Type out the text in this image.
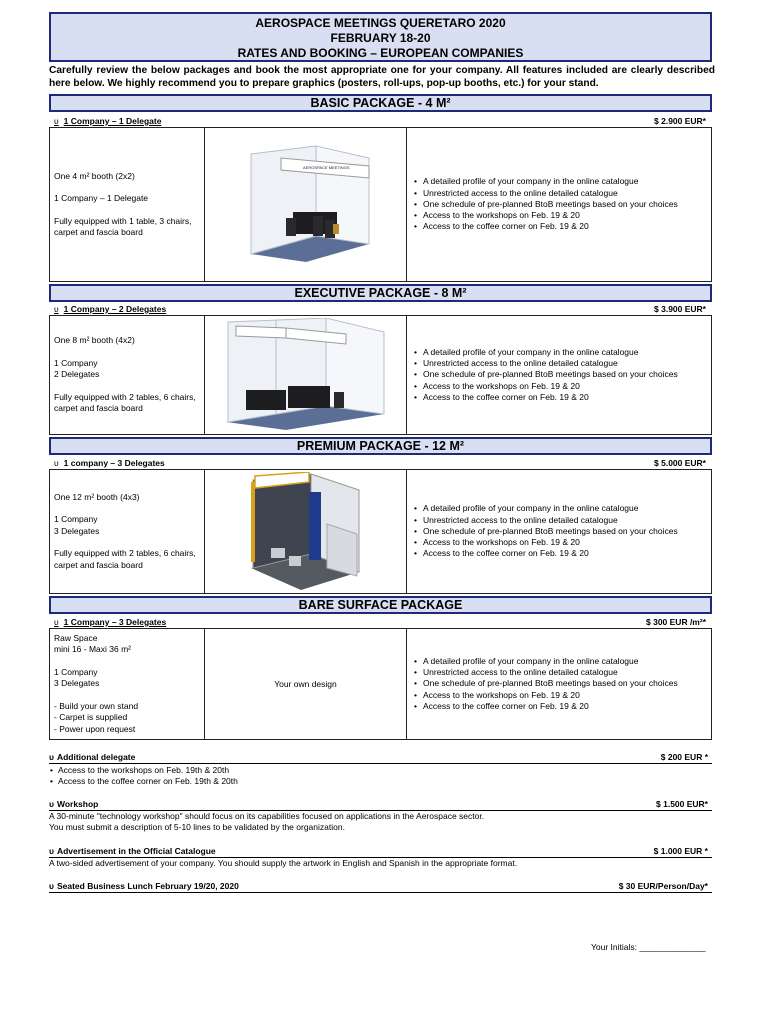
AEROSPACE MEETINGS QUERETARO 2020
FEBRUARY 18-20
RATES AND BOOKING – EUROPEAN COMPANIES
Carefully review the below packages and book the most appropriate one for your company. All features included are clearly described here below. We highly recommend you to prepare graphics (posters, roll-ups, pop-up booths, etc.) for your stand.
BASIC PACKAGE - 4 M²
υ 1 Company – 1 Delegate	$ 2.900 EUR*

One 4 m² booth (2x2)

1 Company – 1 Delegate

Fully equipped with 1 table, 3 chairs, carpet and fascia board

AEROSPACE MEETINGS
• A detailed profile of your company in the online catalogue
• Unrestricted access to the online detailed catalogue
• One schedule of pre-planned BtoB meetings based on your choices
• Access to the workshops on Feb. 19 & 20
• Access to the coffee corner on Feb. 19 & 20
EXECUTIVE PACKAGE - 8 M²
υ 1 Company – 2 Delegates	$ 3.900 EUR*

One 8 m² booth (4x2)

1 Company

2 Delegates

Fully equipped with 2 tables, 6 chairs, carpet and fascia board

• A detailed profile of your company in the online catalogue
• Unrestricted access to the online detailed catalogue
• One schedule of pre-planned BtoB meetings based on your choices
• Access to the workshops on Feb. 19 & 20
• Access to the coffee corner on Feb. 19 & 20
PREMIUM PACKAGE - 12 M²
υ 1 company – 3 Delegates	$ 5.000 EUR*

One 12 m² booth (4x3)

1 Company

3 Delegates

Fully equipped with 2 tables, 6 chairs, carpet and fascia board

• A detailed profile of your company in the online catalogue
• Unrestricted access to the online detailed catalogue
• One schedule of pre-planned BtoB meetings based on your choices
• Access to the workshops on Feb. 19 & 20
• Access to the coffee corner on Feb. 19 & 20
BARE SURFACE PACKAGE
υ 1 Company – 3 Delegates	$ 300 EUR /m²*

Raw Space

mini 16 - Maxi 36 m²

1 Company

3 Delegates

- Build your own stand

- Carpet is supplied

- Power upon request

Your own design
• A detailed profile of your company in the online catalogue
• Unrestricted access to the online detailed catalogue
• One schedule of pre-planned BtoB meetings based on your choices
• Access to the workshops on Feb. 19 & 20
• Access to the coffee corner on Feb. 19 & 20
υ Additional delegate	$ 200 EUR *
• Access to the workshops on Feb. 19th & 20th
• Access to the coffee corner on Feb. 19th & 20th
υ Workshop	$ 1.500 EUR*
A 30-minute "technology workshop" should focus on its capabilities focused on applications in the Aerospace sector.
You must submit a description of 5-10 lines to be validated by the organization.
υ Advertisement in the Official Catalogue	$ 1.000 EUR *
A two-sided advertisement of your company. You should supply the artwork in English and Spanish in the appropriate format.
υ Seated Business Lunch February 19/20, 2020	$ 30 EUR/Person/Day*
Your Initials: ______________
